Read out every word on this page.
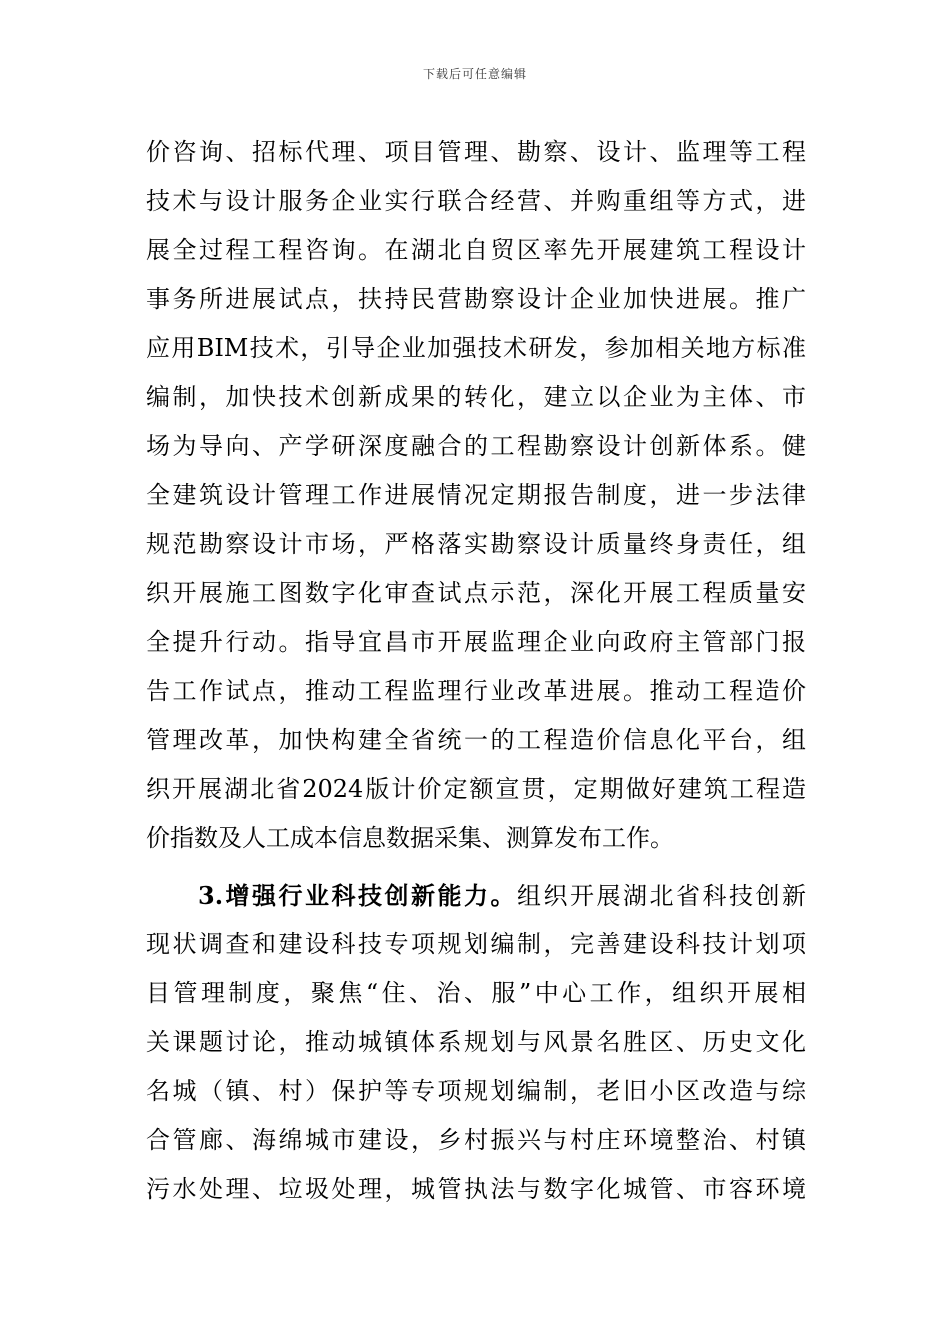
下载后可任意编辑
价咨询、招标代理、项目管理、勘察、设计、监理等工程
技术与设计服务企业实行联合经营、并购重组等方式，进
展全过程工程咨询。在湖北自贸区率先开展建筑工程设计
事务所进展试点，扶持民营勘察设计企业加快进展。推广
应用BIM技术，引导企业加强技术研发，参加相关地方标准
编制，加快技术创新成果的转化，建立以企业为主体、市
场为导向、产学研深度融合的工程勘察设计创新体系。健
全建筑设计管理工作进展情况定期报告制度，进一步法律
规范勘察设计市场，严格落实勘察设计质量终身责任，组
织开展施工图数字化审查试点示范，深化开展工程质量安
全提升行动。指导宜昌市开展监理企业向政府主管部门报
告工作试点，推动工程监理行业改革进展。推动工程造价
管理改革，加快构建全省统一的工程造价信息化平台，组
织开展湖北省2024版计价定额宣贯，定期做好建筑工程造
价指数及人工成本信息数据采集、测算发布工作。
3.增强行业科技创新能力。组织开展湖北省科技创新
现状调查和建设科技专项规划编制，完善建设科技计划项
目管理制度，聚焦“住、治、服”中心工作，组织开展相
关课题讨论，推动城镇体系规划与风景名胜区、历史文化
名城（镇、村）保护等专项规划编制，老旧小区改造与综
合管廊、海绵城市建设，乡村振兴与村庄环境整治、村镇
污水处理、垃圾处理，城管执法与数字化城管、市容环境
